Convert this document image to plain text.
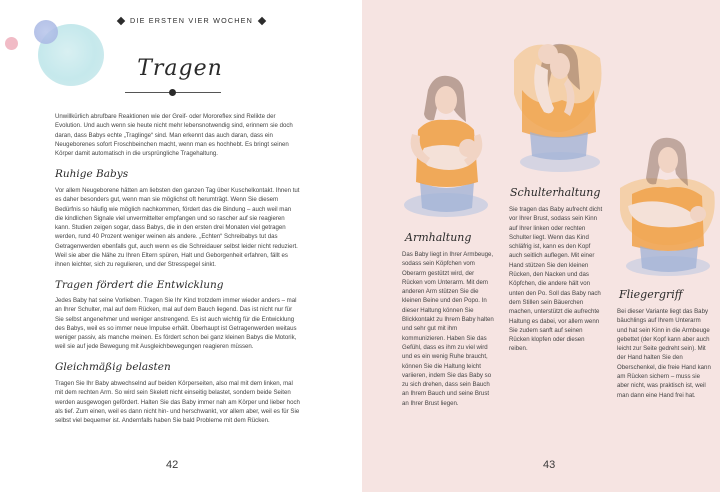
DIE ERSTEN VIER WOCHEN
Tragen

Unwillkürlich abrufbare Reaktionen wie der Greif- oder Mororeflex sind Relikte der Evolution. Und auch wenn sie heute nicht mehr lebensnotwendig sind, erinnern sie doch daran, dass Babys echte „Traglinge“ sind. Man erkennt das auch daran, dass ein Neugeborenes sofort Froschbeinchen macht, wenn man es hochhebt. Es bringt seinen Körper damit automatisch in die ursprüngliche Tragehaltung.

Ruhige Babys

Vor allem Neugeborene hätten am liebsten den ganzen Tag über Kuschelkontakt. Ihnen tut es daher besonders gut, wenn man sie möglichst oft herumträgt. Wenn Sie diesem Bedürfnis so häufig wie möglich nachkommen, fördert das die Bindung – auch weil man die kindlichen Signale viel unvermittelter empfangen und so rascher auf sie reagieren kann. Studien zeigen sogar, dass Babys, die in den ersten drei Monaten viel getragen werden, rund 40 Prozent weniger weinen als andere. „Echten“ Schreibabys tut das Getragenwerden ebenfalls gut, auch wenn es die Schreidauer selbst leider nicht reduziert. Weil sie aber die Nähe zu Ihren Eltern spüren, Halt und Geborgenheit erfahren, fällt es ihnen leichter, sich zu regulieren, und der Stresspegel sinkt.

Tragen fördert die Entwicklung

Jedes Baby hat seine Vorlieben. Tragen Sie Ihr Kind trotzdem immer wieder anders – mal an Ihrer Schulter, mal auf dem Rücken, mal auf dem Bauch liegend. Das ist nicht nur für Sie selbst angenehmer und weniger anstrengend. Es ist auch wichtig für die Entwicklung des Babys, weil es so immer neue Impulse erhält. Überhaupt ist Getragenwerden weitaus weniger passiv, als manche meinen. Es fördert schon bei ganz kleinen Babys die Motorik, weil sie auf jede Bewegung mit Ausgleichbewegungen reagieren müssen.

Gleichmäßig belasten

Tragen Sie Ihr Baby abwechselnd auf beiden Körperseiten, also mal mit dem linken, mal mit dem rechten Arm. So wird sein Skelett nicht einseitig belastet, sondern beide Seiten werden ausgewogen gefördert. Halten Sie das Baby immer nah am Körper und lieber hoch als tief. Zum einen, weil es dann nicht hin- und herschwankt, vor allem aber, weil es für Sie selbst viel bequemer ist. Andernfalls haben Sie bald Probleme mit dem Rücken.

42
Armhaltung

Das Baby liegt in Ihrer Armbeuge, sodass sein Köpfchen vom Oberarm gestützt wird, der Rücken vom Unterarm. Mit dem anderen Arm stützen Sie die kleinen Beine und den Popo. In dieser Haltung können Sie Blickkontakt zu Ihrem Baby halten und sehr gut mit ihm kommunizieren. Haben Sie das Gefühl, dass es ihm zu viel wird und es ein wenig Ruhe braucht, können Sie die Haltung leicht variieren, indem Sie das Baby so zu sich drehen, dass sein Bauch an Ihrem Bauch und seine Brust an Ihrer Brust liegen.

Schulterhaltung

Sie tragen das Baby aufrecht dicht vor Ihrer Brust, sodass sein Kinn auf Ihrer linken oder rechten Schulter liegt. Wenn das Kind schläfrig ist, kann es den Kopf auch seitlich auflegen. Mit einer Hand stützen Sie den kleinen Rücken, den Nacken und das Köpfchen, die andere hält von unten den Po. Soll das Baby nach dem Stillen sein Bäuerchen machen, unterstützt die aufrechte Haltung es dabei, vor allem wenn Sie zudem sanft auf seinen Rücken klopfen oder diesen reiben.

Fliegergriff

Bei dieser Variante liegt das Baby bäuchlings auf Ihrem Unterarm und hat sein Kinn in die Armbeuge gebettet (der Kopf kann aber auch leicht zur Seite gedreht sein). Mit der Hand halten Sie den Oberschenkel, die freie Hand kann am Rücken sichern – muss sie aber nicht, was praktisch ist, weil man dann eine Hand frei hat.

43
